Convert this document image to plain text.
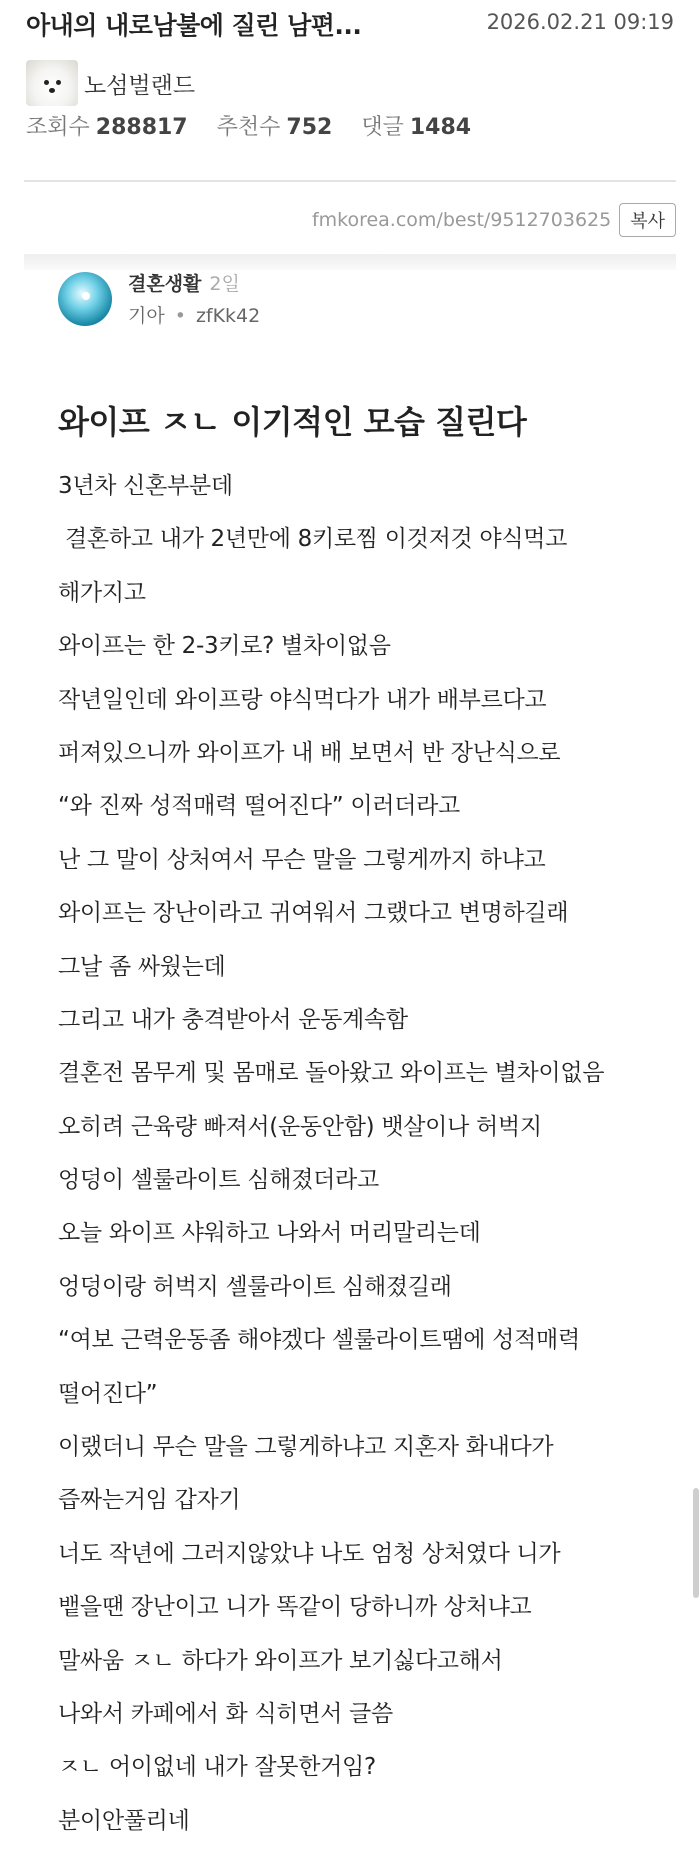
아내의 내로남불에 질린 남편...	2026.02.21 09:19
노섬벌랜드
조회수 288817 추천수 752 댓글 1484
fmkorea.com/best/9512703625	복사
결혼생활 2일
기아 • zfKk42
와이프 ㅈㄴ 이기적인 모습 질린다
3년차 신혼부분데
결혼하고 내가 2년만에 8키로찜 이것저것 야식먹고
해가지고
와이프는 한 2-3키로? 별차이없음
작년일인데 와이프랑 야식먹다가 내가 배부르다고
퍼져있으니까 와이프가 내 배 보면서 반 장난식으로
“와 진짜 성적매력 떨어진다” 이러더라고
난 그 말이 상처여서 무슨 말을 그렇게까지 하냐고
와이프는 장난이라고 귀여워서 그랬다고 변명하길래
그날 좀 싸웠는데
그리고 내가 충격받아서 운동계속함
결혼전 몸무게 및 몸매로 돌아왔고 와이프는 별차이없음
오히려 근육량 빠져서(운동안함) 뱃살이나 허벅지
엉덩이 셀룰라이트 심해졌더라고
오늘 와이프 샤워하고 나와서 머리말리는데
엉덩이랑 허벅지 셀룰라이트 심해졌길래
“여보 근력운동좀 해야겠다 셀룰라이트땜에 성적매력
떨어진다”
이랬더니 무슨 말을 그렇게하냐고 지혼자 화내다가
즙짜는거임 갑자기
너도 작년에 그러지않았냐 나도 엄청 상처였다 니가
뱉을땐 장난이고 니가 똑같이 당하니까 상처냐고
말싸움 ㅈㄴ 하다가 와이프가 보기싫다고해서
나와서 카페에서 화 식히면서 글씀
ㅈㄴ 어이없네 내가 잘못한거임?
분이안풀리네
